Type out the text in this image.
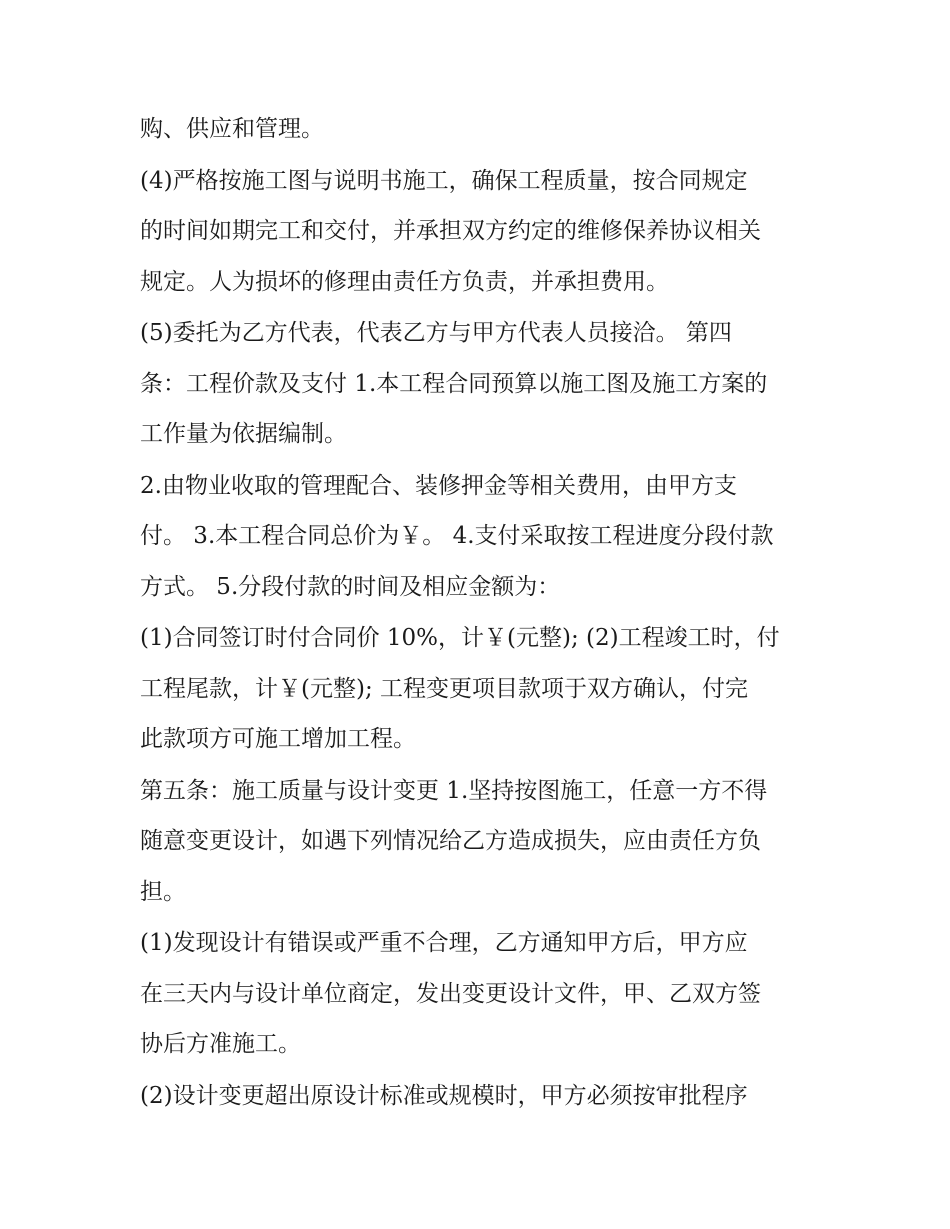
购、供应和管理。

(4)严格按施工图与说明书施工，确保工程质量，按合同规定
的时间如期完工和交付，并承担双方约定的维修保养协议相关
规定。人为损坏的修理由责任方负责，并承担费用。

(5)委托为乙方代表，代表乙方与甲方代表人员接洽。 第四
条：工程价款及支付 1.本工程合同预算以施工图及施工方案的
工作量为依据编制。

2.由物业收取的管理配合、装修押金等相关费用，由甲方支
付。 3.本工程合同总价为￥。 4.支付采取按工程进度分段付款
方式。 5.分段付款的时间及相应金额为：

(1)合同签订时付合同价 10%，计￥(元整); (2)工程竣工时，付
工程尾款，计￥(元整); 工程变更项目款项于双方确认，付完
此款项方可施工增加工程。

第五条：施工质量与设计变更 1.坚持按图施工，任意一方不得
随意变更设计，如遇下列情况给乙方造成损失，应由责任方负
担。

(1)发现设计有错误或严重不合理，乙方通知甲方后，甲方应
在三天内与设计单位商定，发出变更设计文件，甲、乙双方签
协后方准施工。

(2)设计变更超出原设计标准或规模时，甲方必须按审批程序
